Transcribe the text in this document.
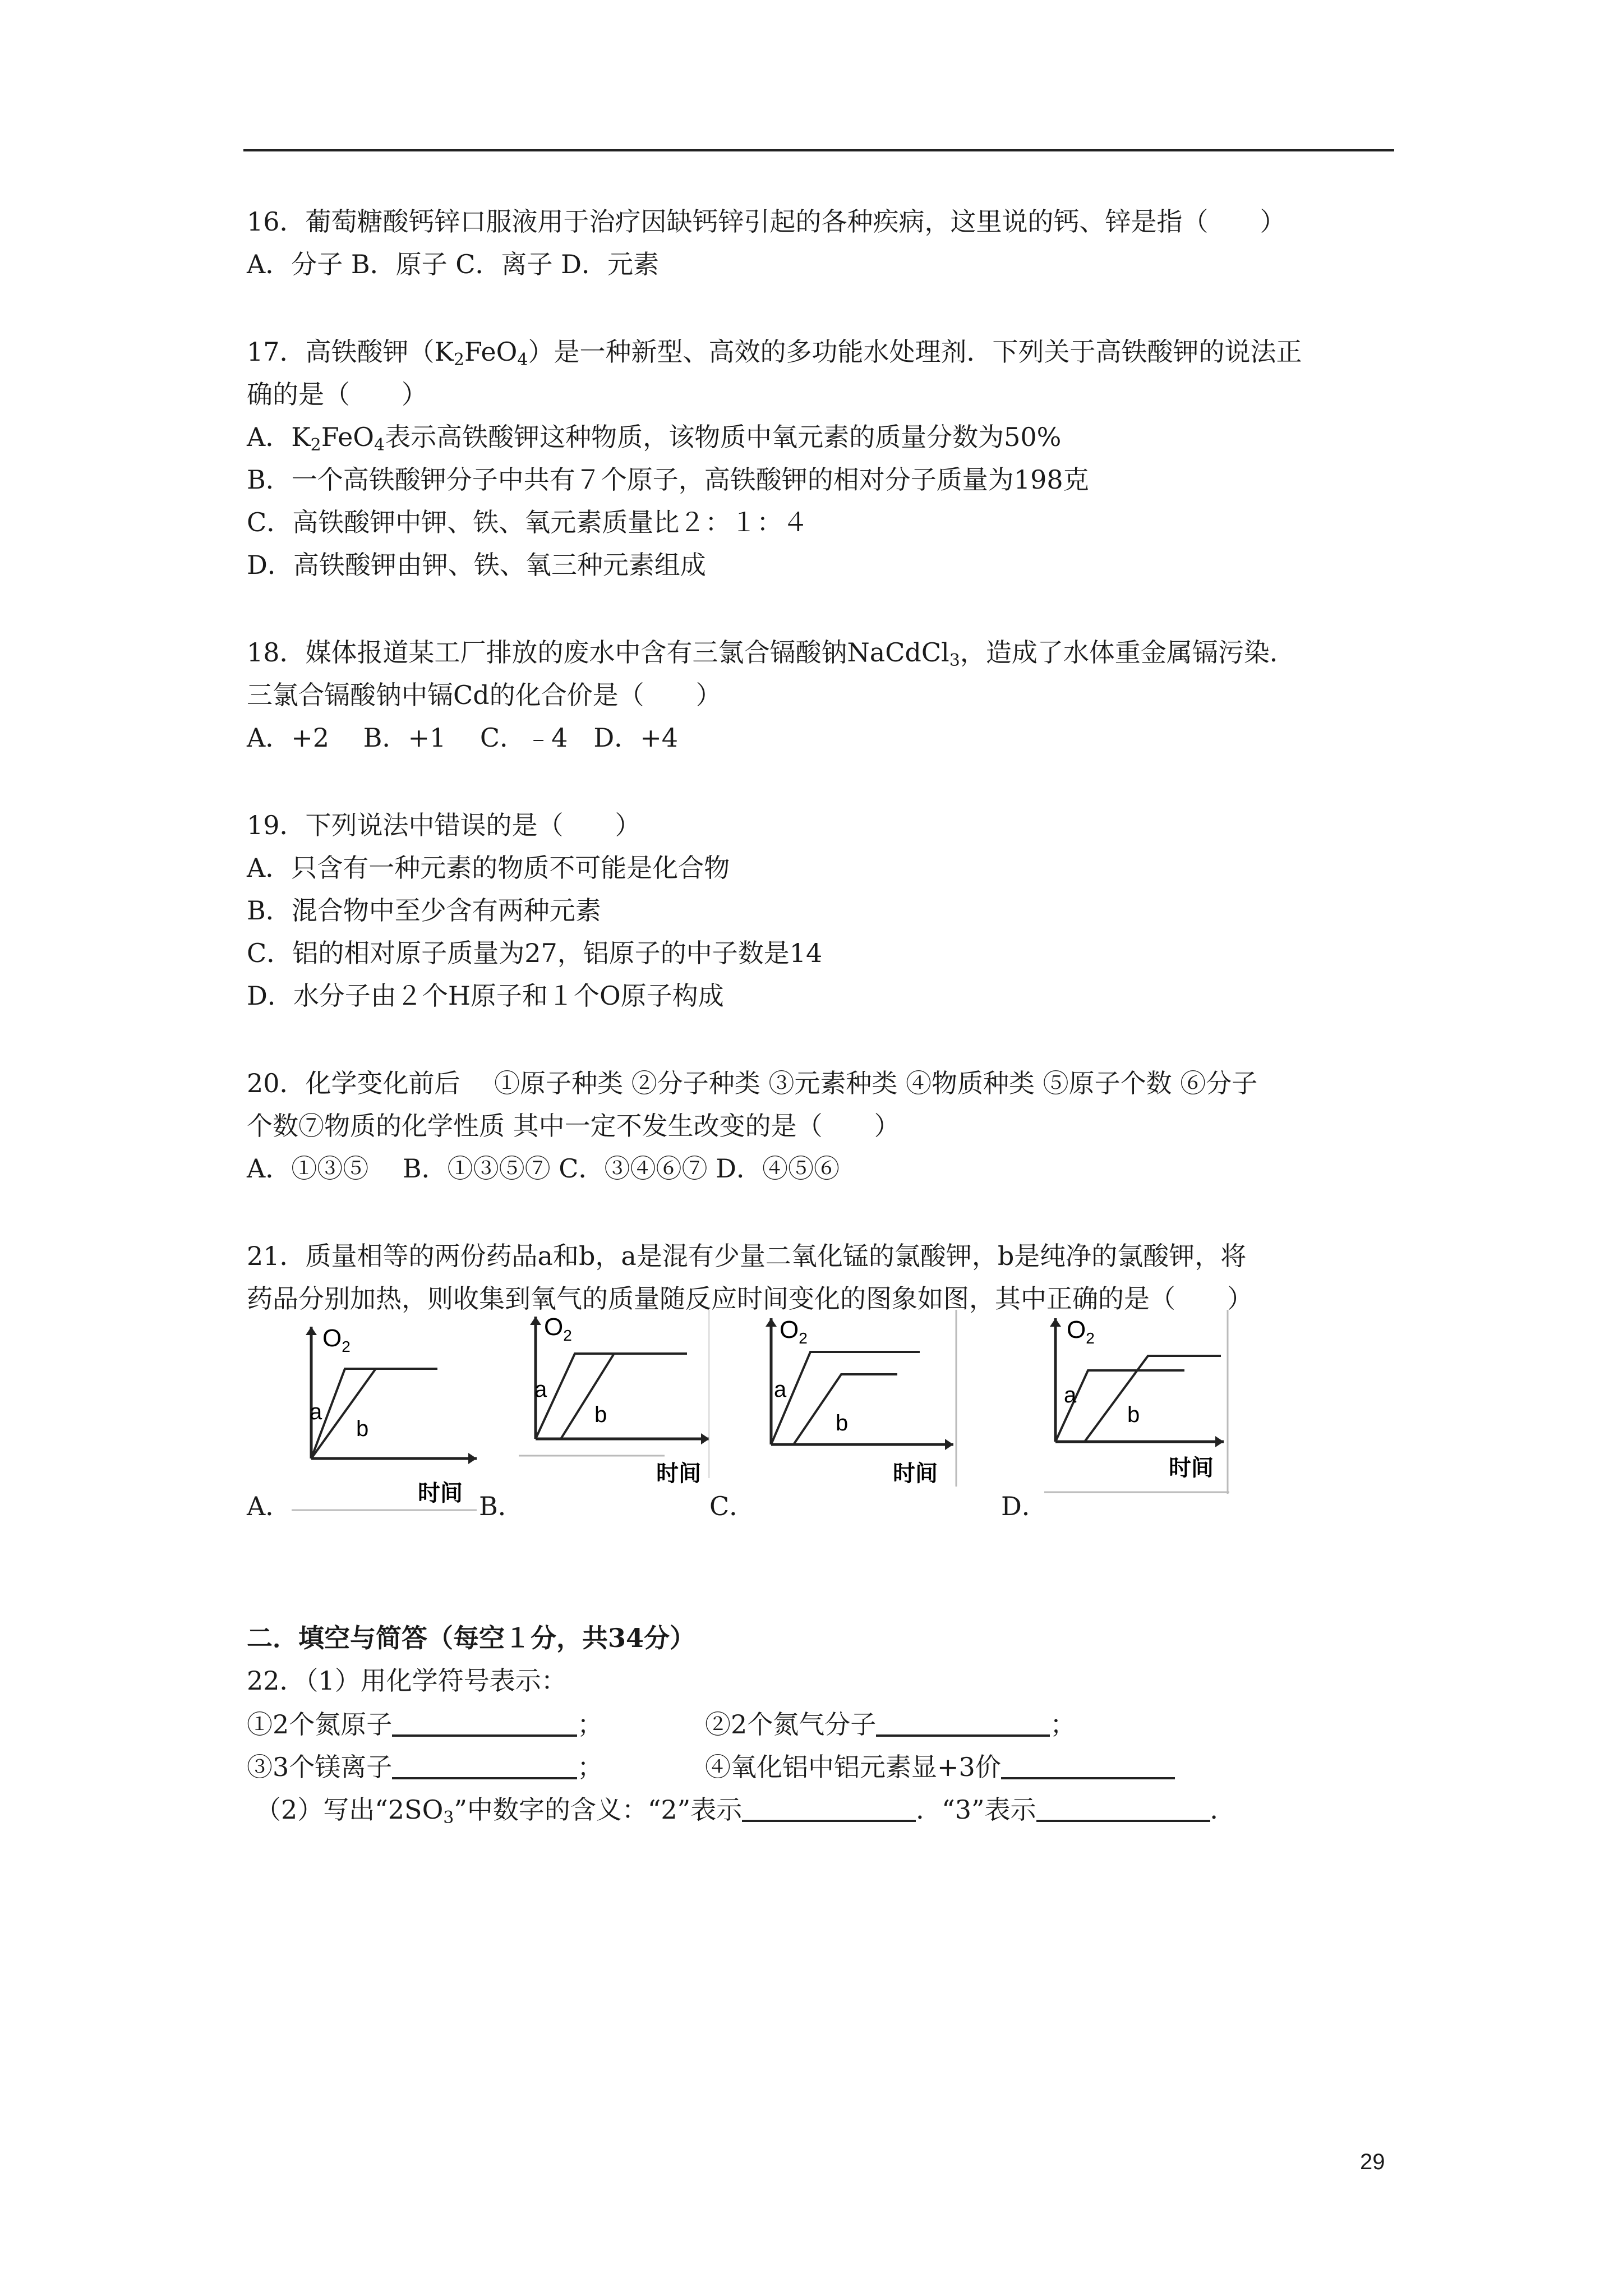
16．葡萄糖酸钙锌口服液用于治疗因缺钙锌引起的各种疾病，这里说的钙、锌是指（　　）
A．分子 B．原子 C．离子 D．元素
17．高铁酸钾$(K_2FeO_4)$是一种新型、高效的多功能水处理剂．下列关于高铁酸钾的说法正
确的是（　　）
A．$K_2FeO_4$表示高铁酸钾这种物质，该物质中氧元素的质量分数为50%
B．一个高铁酸钾分子中共有７个原子，高铁酸钾的相对分子质量为198克
C．高铁酸钾中钾、铁、氧元素质量比２：１：４
D．高铁酸钾由钾、铁、氧三种元素组成
18．媒体报道某工厂排放的废水中含有三氯合镉酸钠NaCdCl$_3$，造成了水体重金属镉污染．
三氯合镉酸钠中镉Cd的化合价是（　　）
A．+2　 B．+1　 C．﹣4　D．+4
19．下列说法中错误的是（　　）
A．只含有一种元素的物质不可能是化合物
B．混合物中至少含有两种元素
C．铝的相对原子质量为27，铝原子的中子数是14
D．水分子由２个H原子和１个O原子构成
20．化学变化前后　 ①原子种类 ②分子种类 ③元素种类 ④物质种类 ⑤原子个数 ⑥分子
个数⑦物质的化学性质 其中一定不发生改变的是（　　）
A．①③⑤　 B．①③⑤⑦ C．③④⑥⑦ D．④⑤⑥
21．质量相等的两份药品a和b，a是混有少量二氧化锰的氯酸钾，b是纯净的氯酸钾，将
药品分别加热，则收集到氧气的质量随反应时间变化的图象如图，其中正确的是（　　）
$O_2$
a
b
时间
$O_2$
a
b
时间
$O_2$
a
b
时间
$O_2$
a
b
时间
A．	B．	C．	D．
二．填空与简答（每空１分，共34分）
22．（1）用化学符号表示：
①2个氮原子	；	②2个氮气分子	；
③3个镁离子	；	④氧化铝中铝元素显+3价
（2）写出“$2SO_3$”中数字的含义：“2”表示	．“3”表示	．
29
